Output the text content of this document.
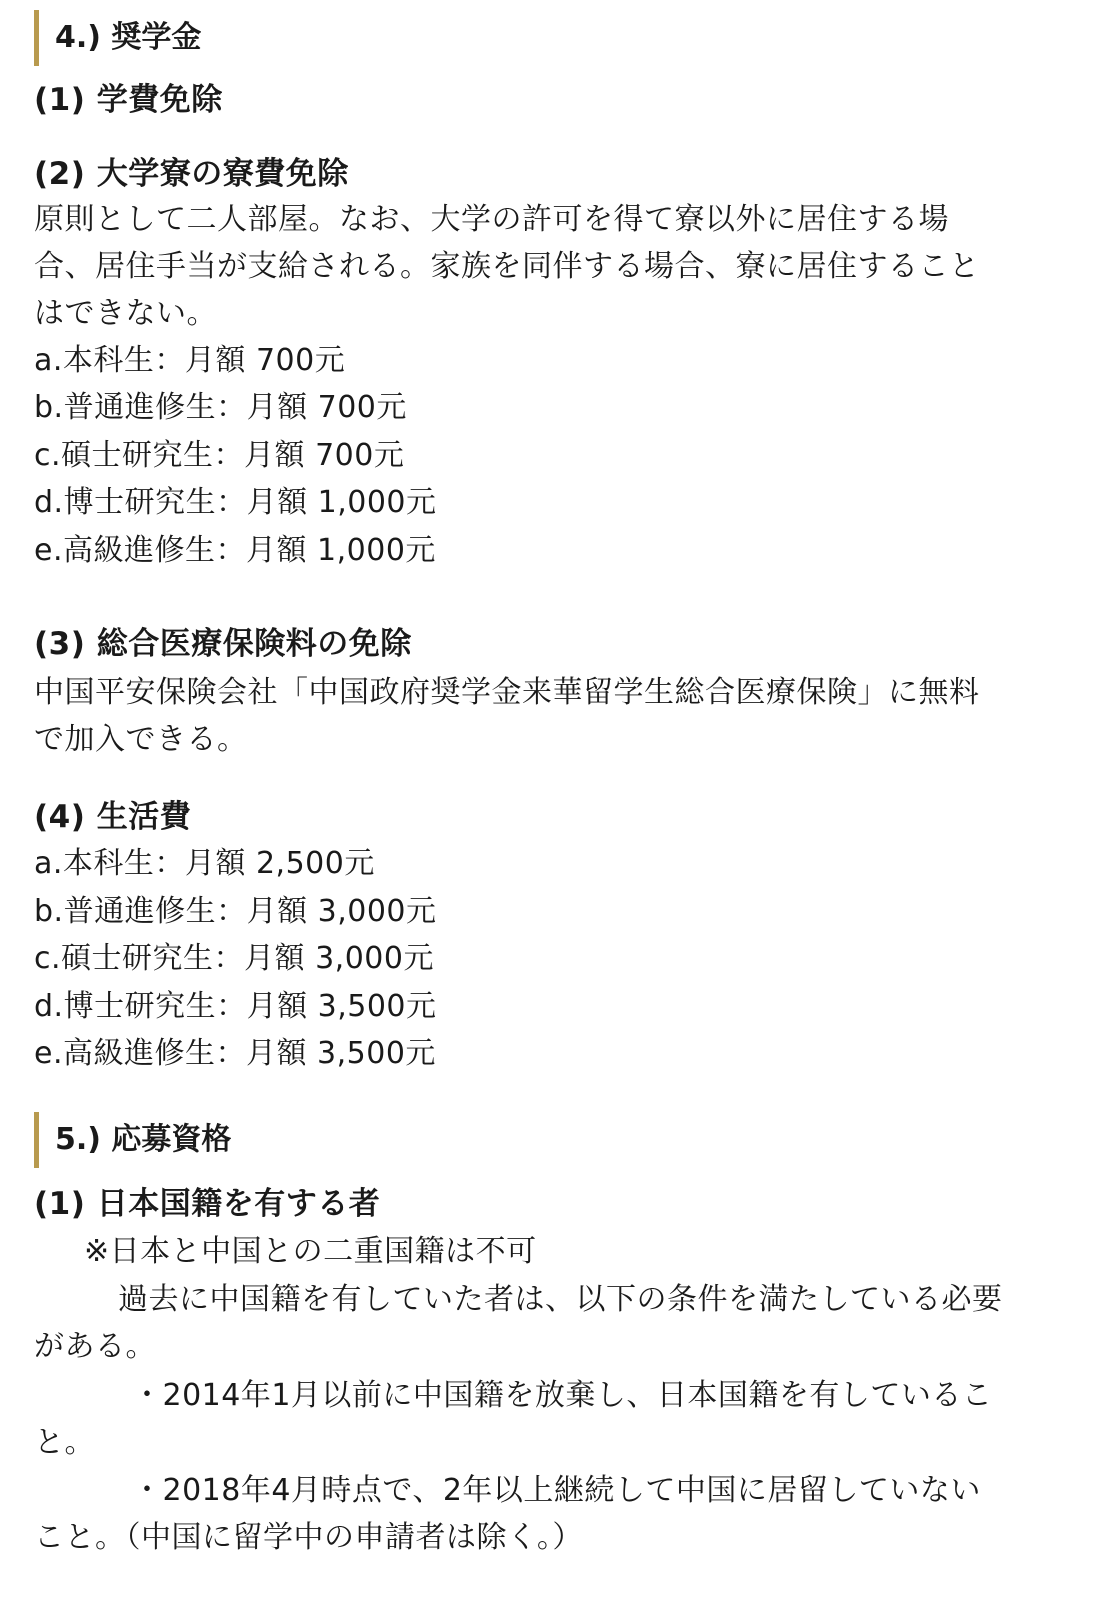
4.) 奨学金
(1) 学費免除
(2) 大学寮の寮費免除
原則として二人部屋。なお、大学の許可を得て寮以外に居住する場
合、居住手当が支給される。家族を同伴する場合、寮に居住すること
はできない。
a.本科生：月額 700元
b.普通進修生：月額 700元
c.碩士研究生：月額 700元
d.博士研究生：月額 1,000元
e.高級進修生：月額 1,000元
(3) 総合医療保険料の免除
中国平安保険会社「中国政府奨学金来華留学生総合医療保険」に無料
で加入できる。
(4) 生活費
a.本科生：月額 2,500元
b.普通進修生：月額 3,000元
c.碩士研究生：月額 3,000元
d.博士研究生：月額 3,500元
e.高級進修生：月額 3,500元
5.) 応募資格
(1) 日本国籍を有する者
※日本と中国との二重国籍は不可
過去に中国籍を有していた者は、以下の条件を満たしている必要
がある。
・2014年1月以前に中国籍を放棄し、日本国籍を有しているこ
と。
・2018年4月時点で、2年以上継続して中国に居留していない
こと。（中国に留学中の申請者は除く。）
